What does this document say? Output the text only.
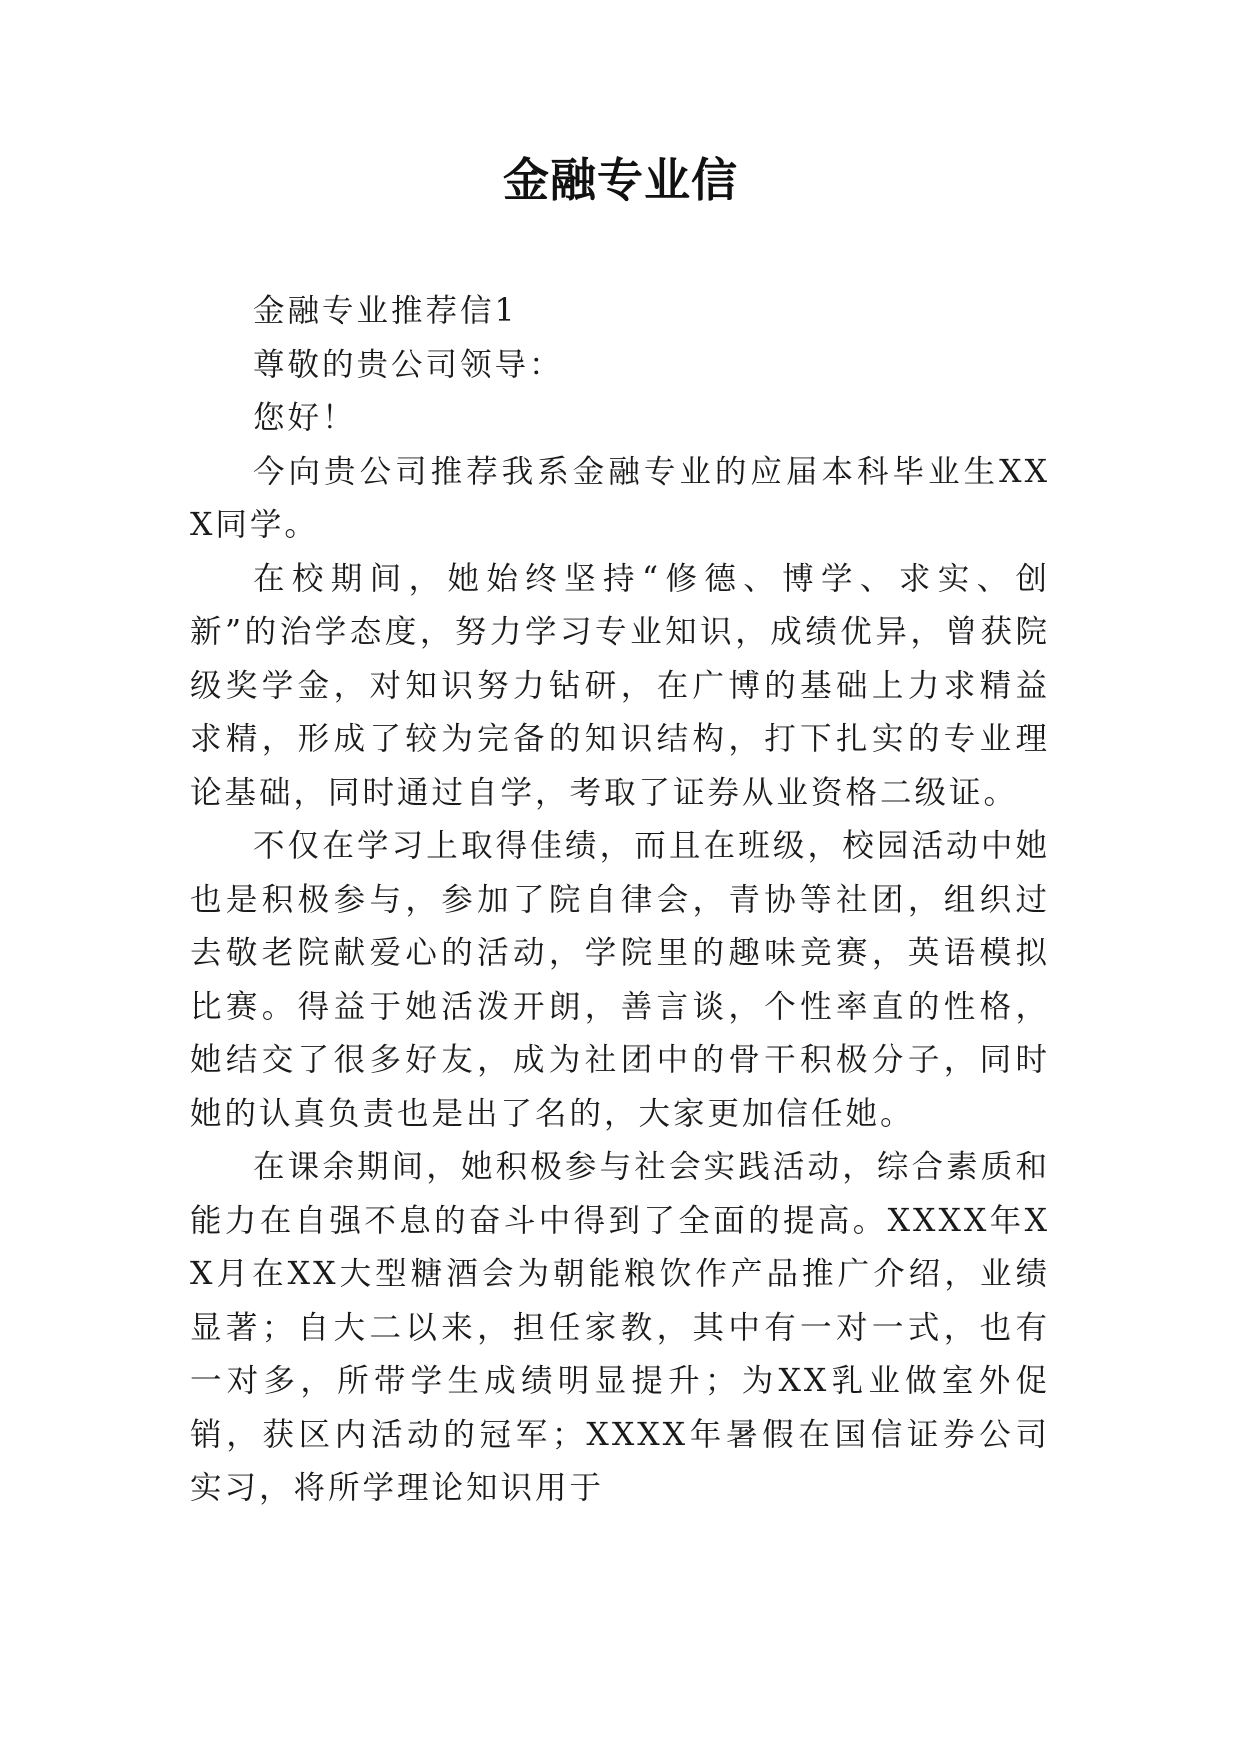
金融专业信

金融专业推荐信1

尊敬的贵公司领导：

您好！

今向贵公司推荐我系金融专业的应届本科毕业生XXX同学。

在校期间，她始终坚持“修德、博学、求实、创新”的治学态度，努力学习专业知识，成绩优异，曾获院级奖学金，对知识努力钻研，在广博的基础上力求精益求精，形成了较为完备的知识结构，打下扎实的专业理论基础，同时通过自学，考取了证券从业资格二级证。

不仅在学习上取得佳绩，而且在班级，校园活动中她也是积极参与，参加了院自律会，青协等社团，组织过去敬老院献爱心的活动，学院里的趣味竞赛，英语模拟比赛。得益于她活泼开朗，善言谈，个性率直的性格，她结交了很多好友，成为社团中的骨干积极分子，同时她的认真负责也是出了名的，大家更加信任她。

在课余期间，她积极参与社会实践活动，综合素质和能力在自强不息的奋斗中得到了全面的提高。XXXX年XX月在XX大型糖酒会为朝能粮饮作产品推广介绍，业绩显著；自大二以来，担任家教，其中有一对一式，也有一对多，所带学生成绩明显提升；为XX乳业做室外促销，获区内活动的冠军；XXXX年暑假在国信证券公司实习，将所学理论知识用于
